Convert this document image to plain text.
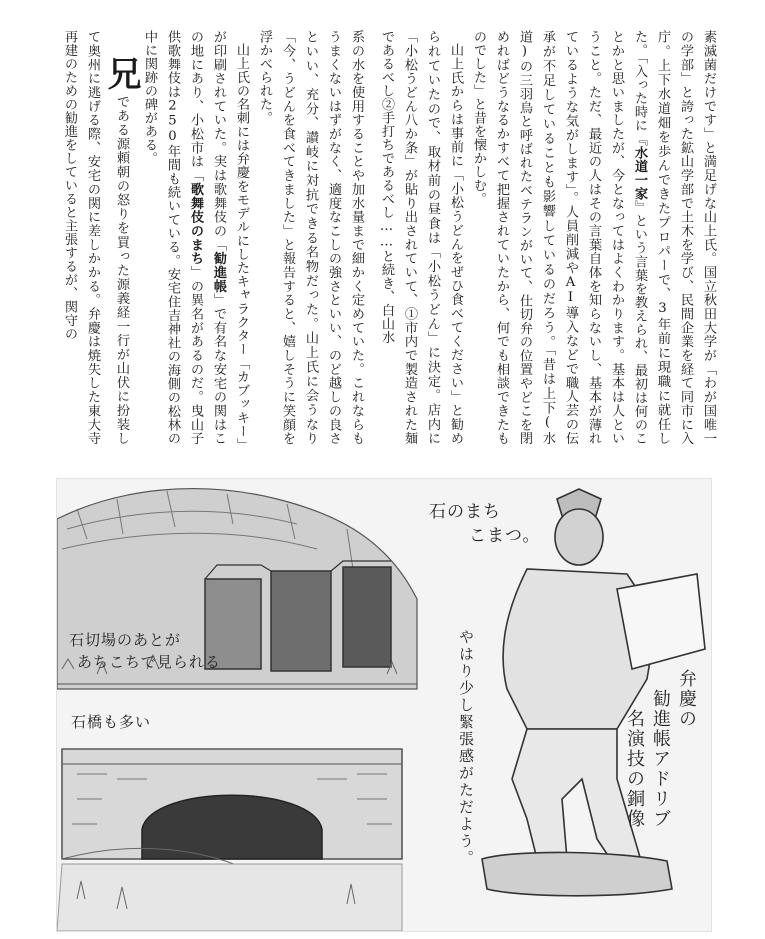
素滅菌だけです」と満足げな山上氏。国立秋田大学が「わが国唯一の学部」と誇った鉱山学部で土木を学び、民間企業を経て同市に入庁。上下水道畑を歩んできたプロパーで、3年前に現職に就任した。「入った時に『水道一家』という言葉を教えられ、最初は何のことかと思いましたが、今となってはよくわかります。基本は人ということ。ただ、最近の人はその言葉自体を知らないし、基本が薄れているような気がします」。人員削減やAI導入などで職人芸の伝承が不足していることも影響しているのだろう。「昔は上下(水道)の三羽烏と呼ばれたベテランがいて、仕切弁の位置やどこを閉めればどうなるかすべて把握されていたから、何でも相談できたものでした」と昔を懐かしむ。
山上氏からは事前に「小松うどんをぜひ食べてください」と勧められていたので、取材前の昼食は「小松うどん」に決定。店内に「小松うどん八か条」が貼り出されていて、①市内で製造された麺であるべし②手打ちであるべし……と続き、白山水
系の水を使用することや加水量まで細かく定めていた。これならもうまくないはずがなく、適度なこしの強さといい、のど越しの良さといい、充分、讃岐に対抗できる名物だった。山上氏に会うなり「今、うどんを食べてきました」と報告すると、嬉しそうに笑顔を浮かべられた。
山上氏の名刺には弁慶をモデルにしたキャラクター「カブッキー」が印刷されていた。実は歌舞伎の「勧進帳」で有名な安宅の関はこの地にあり、小松市は「歌舞伎のまち」の異名があるのだ。曳山子供歌舞伎は250年間も続いている。安宅住吉神社の海側の松林の中に関跡の碑がある。
兄である源頼朝の怒りを買った源義経一行が山伏に扮装して奥州に逃げる際、安宅の関に差しかかる。弁慶は焼失した東大寺再建のための勧進をしていると主張するが、関守の
石のまち
こまつ。
石切場のあとが
あちこちで見られる
石橋も多い	弁慶の
勧進帳アドリブ
名演技の銅像
やはり少し緊張感がただよう。
